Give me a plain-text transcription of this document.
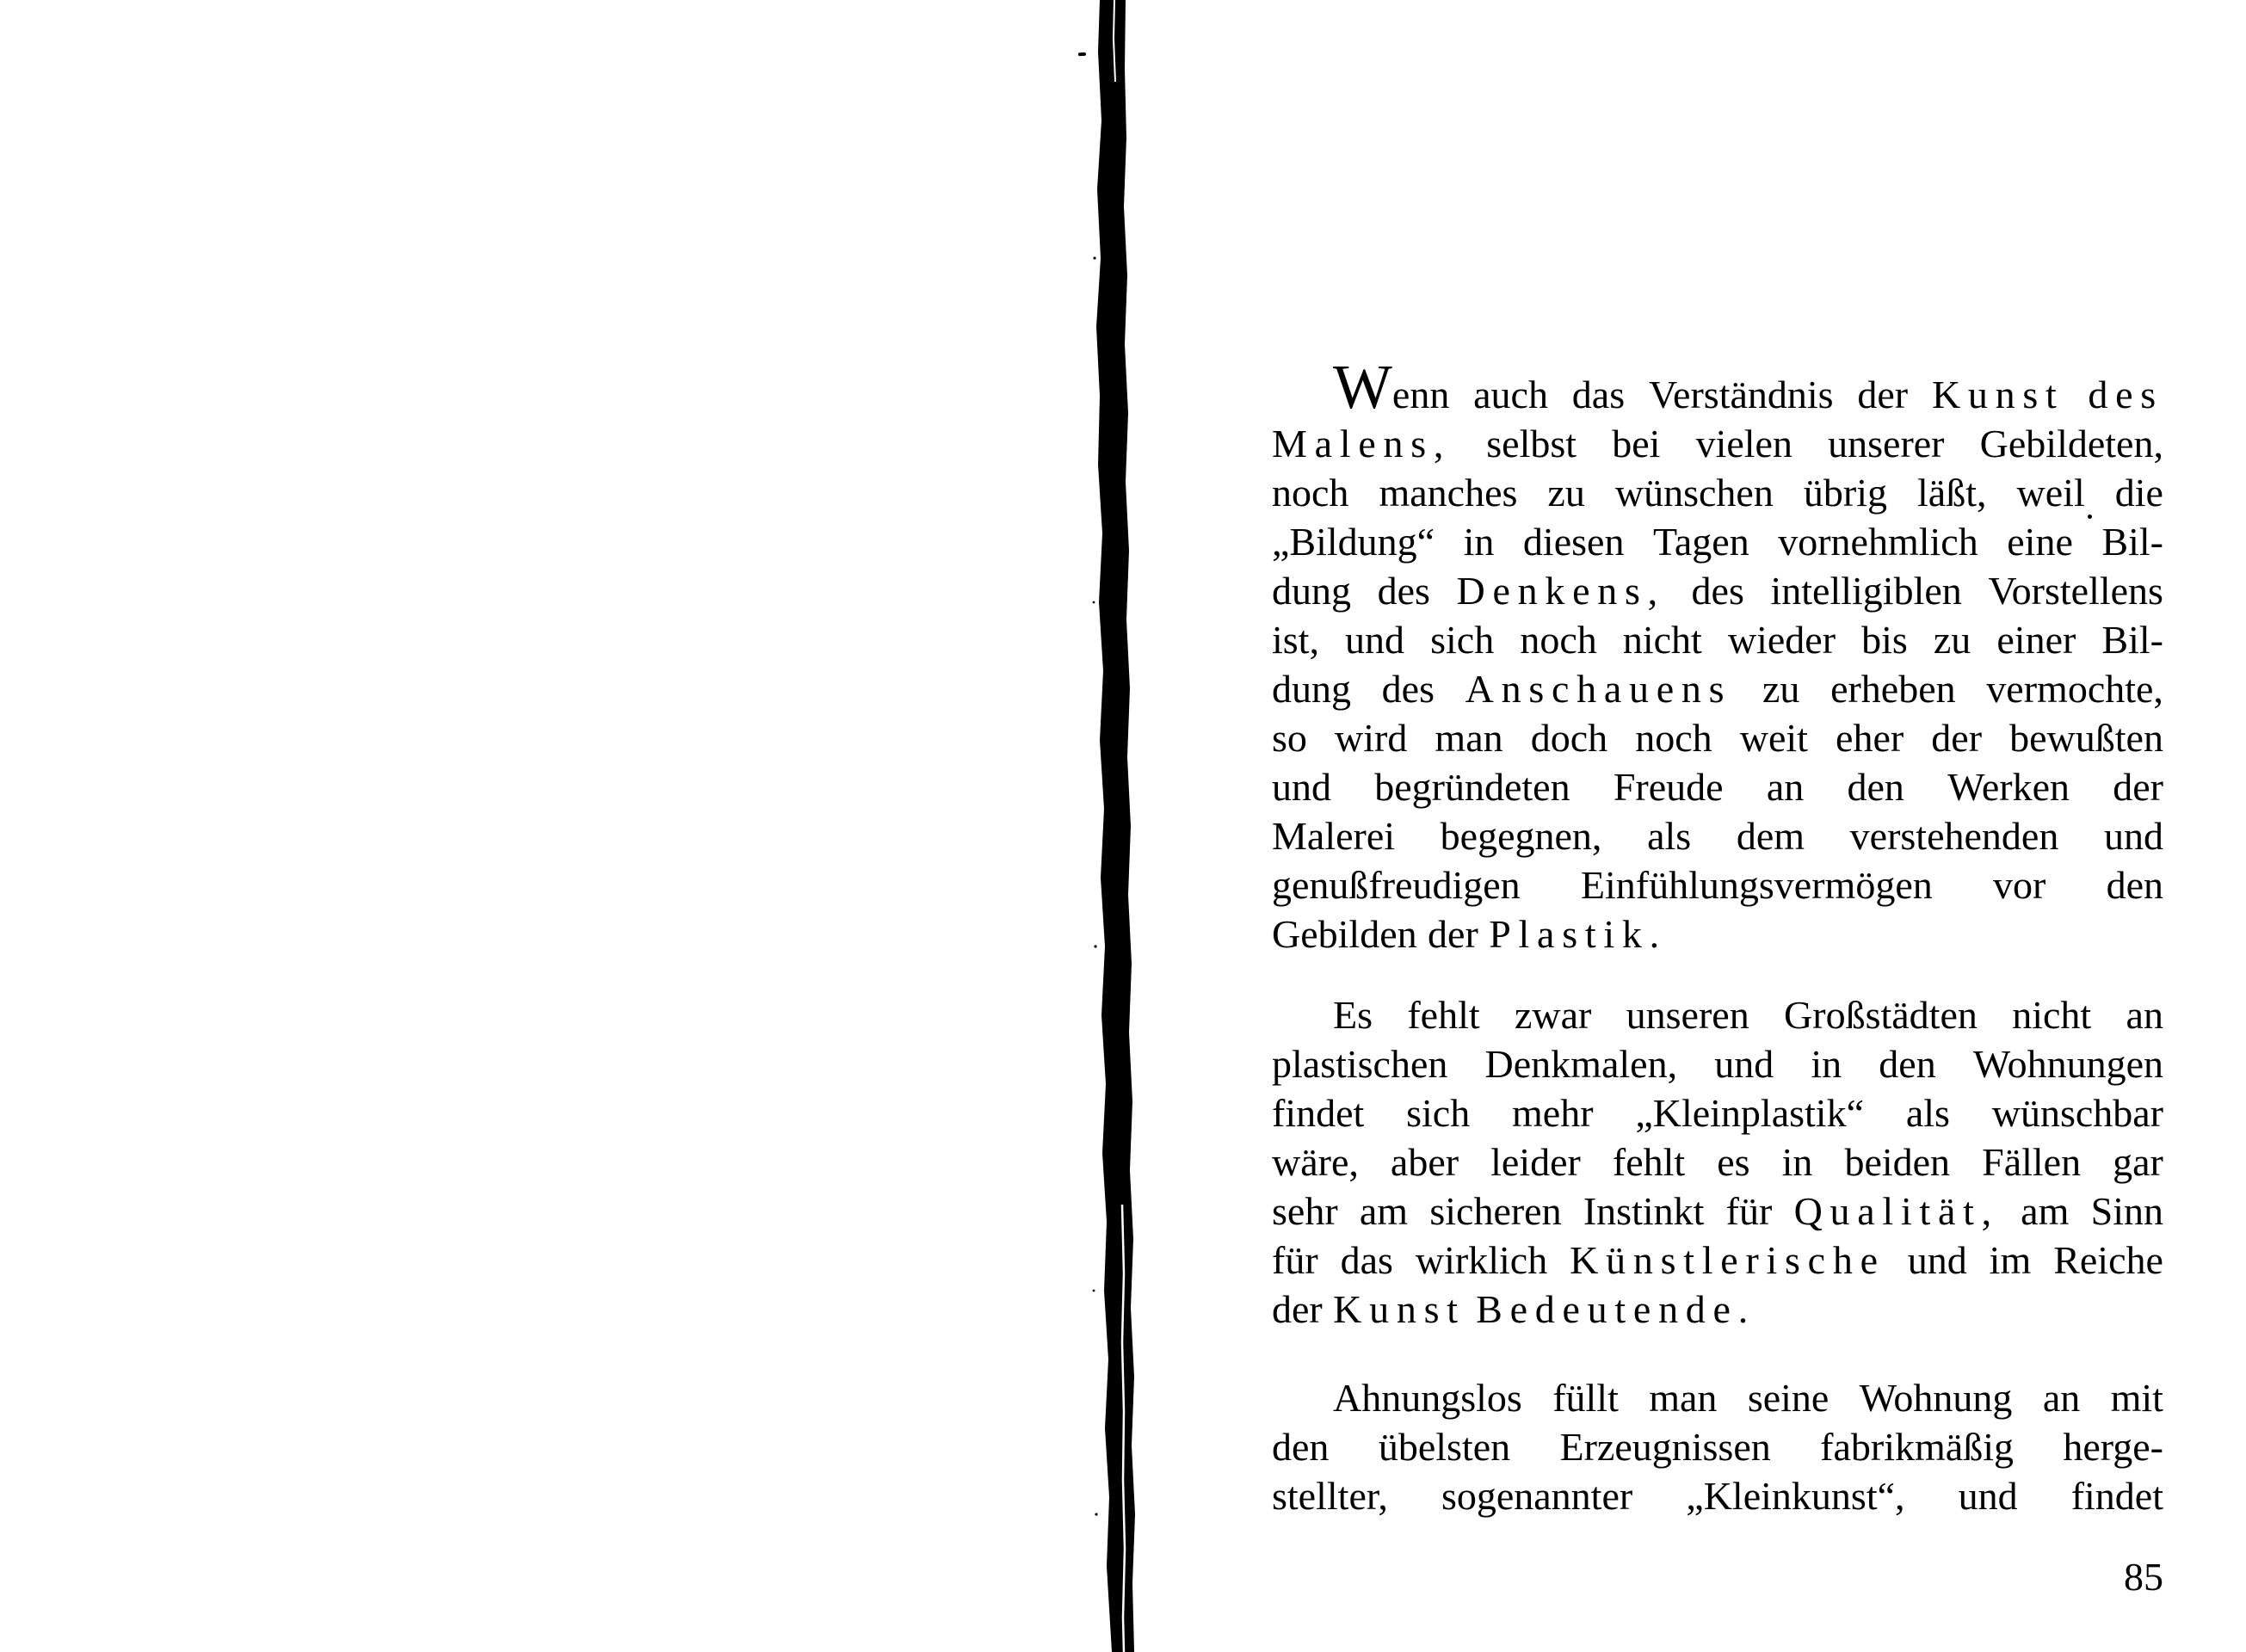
Wenn auch das Verständnis der Kunst des
Malens, selbst bei vielen unserer Gebildeten,
noch manches zu wünschen übrig läßt, weil die
„Bildung“ in diesen Tagen vornehmlich eine Bil-
dung des Denkens, des intelligiblen Vorstellens
ist, und sich noch nicht wieder bis zu einer Bil-
dung des Anschauens zu erheben vermochte,
so wird man doch noch weit eher der bewußten
und begründeten Freude an den Werken der
Malerei begegnen, als dem verstehenden und
genußfreudigen Einfühlungsvermögen vor den
Gebilden der Plastik.
Es fehlt zwar unseren Großstädten nicht an
plastischen Denkmalen, und in den Wohnungen
findet sich mehr „Kleinplastik“ als wünschbar
wäre, aber leider fehlt es in beiden Fällen gar
sehr am sicheren Instinkt für Qualität, am Sinn
für das wirklich Künstlerische und im Reiche
der Kunst Bedeutende.
Ahnungslos füllt man seine Wohnung an mit
den übelsten Erzeugnissen fabrikmäßig herge-
stellter, sogenannter „Kleinkunst“, und findet
85
